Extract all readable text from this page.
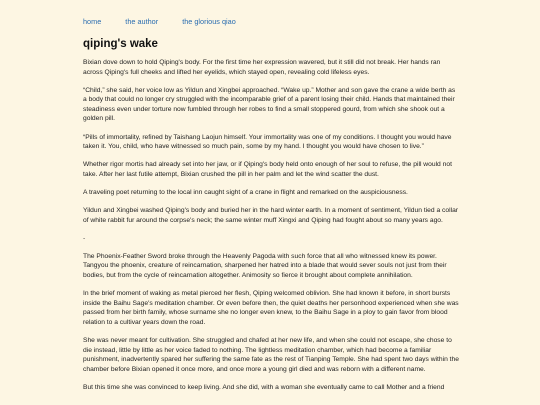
home	the author	the glorious qiao
qiping's wake

Bixian dove down to hold Qiping's body. For the first time her expression wavered, but it still did not break. Her hands ran across Qiping's full cheeks and lifted her eyelids, which stayed open, revealing cold lifeless eyes.

“Child,” she said, her voice low as Yildun and Xingbei approached. “Wake up.” Mother and son gave the crane a wide berth as a body that could no longer cry struggled with the incomparable grief of a parent losing their child. Hands that maintained their steadiness even under torture now fumbled through her robes to find a small stoppered gourd, from which she shook out a golden pill.

“Pills of immortality, refined by Taishang Laojun himself. Your immortality was one of my conditions. I thought you would have taken it. You, child, who have witnessed so much pain, some by my hand. I thought you would have chosen to live.”

Whether rigor mortis had already set into her jaw, or if Qiping's body held onto enough of her soul to refuse, the pill would not take. After her last futile attempt, Bixian crushed the pill in her palm and let the wind scatter the dust.

A traveling poet returning to the local inn caught sight of a crane in flight and remarked on the auspiciousness.

Yildun and Xingbei washed Qiping's body and buried her in the hard winter earth. In a moment of sentiment, Yildun tied a collar of white rabbit fur around the corpse's neck; the same winter muff Xingxi and Qiping had fought about so many years ago.

-

The Phoenix-Feather Sword broke through the Heavenly Pagoda with such force that all who witnessed knew its power. Tangyou the phoenix, creature of reincarnation, sharpened her hatred into a blade that would sever souls not just from their bodies, but from the cycle of reincarnation altogether. Animosity so fierce it brought about complete annihilation.

In the brief moment of waking as metal pierced her flesh, Qiping welcomed oblivion. She had known it before, in short bursts inside the Baihu Sage's meditation chamber. Or even before then, the quiet deaths her personhood experienced when she was passed from her birth family, whose surname she no longer even knew, to the Baihu Sage in a ploy to gain favor from blood relation to a cultivar years down the road.

She was never meant for cultivation. She struggled and chafed at her new life, and when she could not escape, she chose to die instead, little by little as her voice faded to nothing. The lightless meditation chamber, which had become a familiar punishment, inadvertently spared her suffering the same fate as the rest of Tianping Temple. She had spent two days within the chamber before Bixian opened it once more, and once more a young girl died and was reborn with a different name.

But this time she was convinced to keep living. And she did, with a woman she eventually came to call Mother and a friend
